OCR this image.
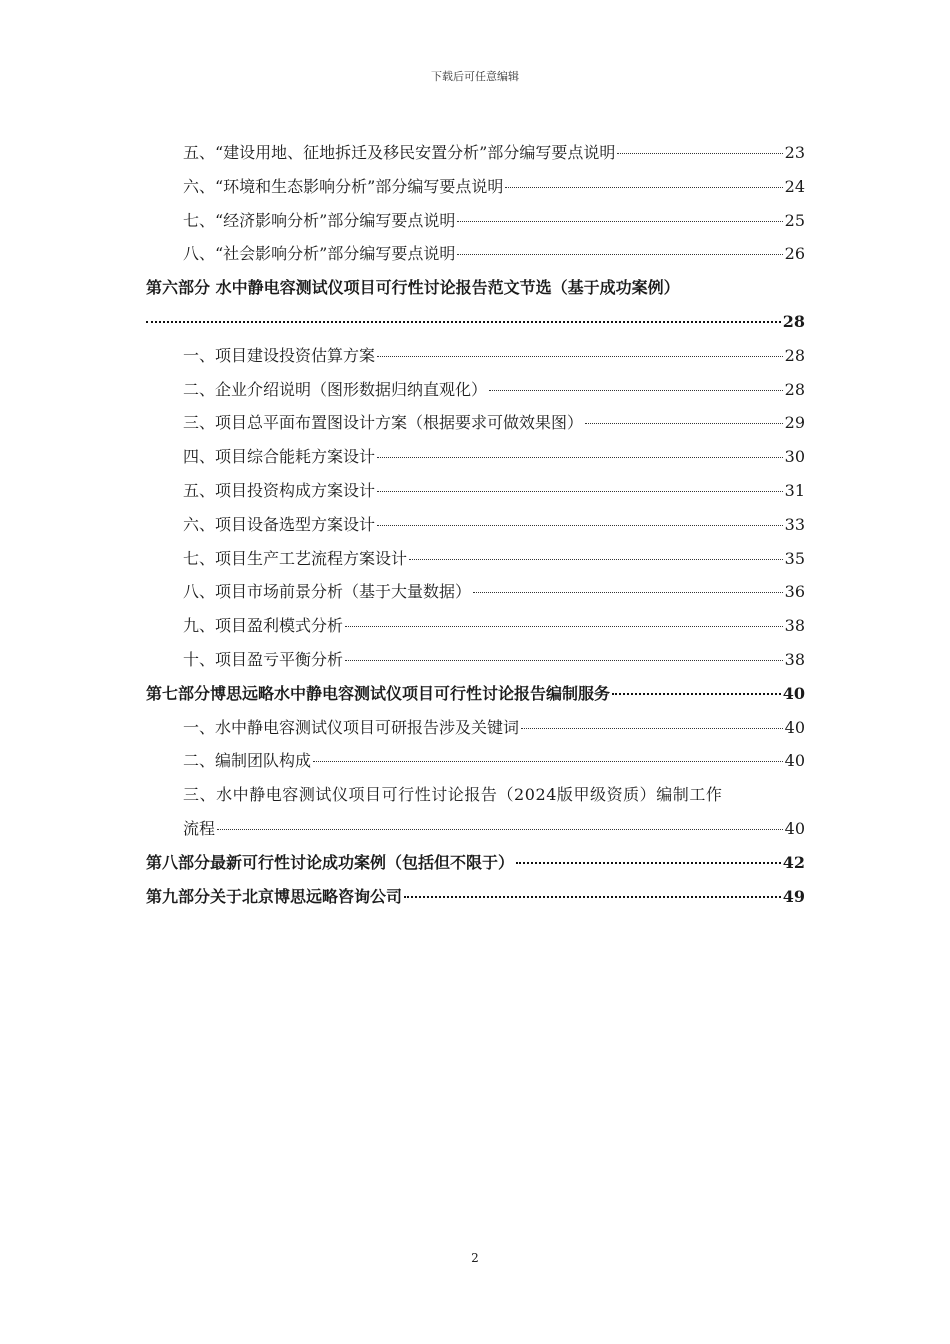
下载后可任意编辑
五、“建设用地、征地拆迁及移民安置分析”部分编写要点说明	23
六、“环境和生态影响分析”部分编写要点说明	24
七、“经济影响分析”部分编写要点说明	25
八、“社会影响分析”部分编写要点说明	26
第六部分 水中静电容测试仪项目可行性讨论报告范文节选（基于成功案例）
28
一、项目建设投资估算方案	28
二、企业介绍说明（图形数据归纳直观化）	28
三、项目总平面布置图设计方案（根据要求可做效果图）	29
四、项目综合能耗方案设计	30
五、项目投资构成方案设计	31
六、项目设备选型方案设计	33
七、项目生产工艺流程方案设计	35
八、项目市场前景分析（基于大量数据）	36
九、项目盈利模式分析	38
十、项目盈亏平衡分析	38
第七部分博思远略水中静电容测试仪项目可行性讨论报告编制服务	40
一、水中静电容测试仪项目可研报告涉及关键词	40
二、编制团队构成	40
三、水中静电容测试仪项目可行性讨论报告（2024版甲级资质）编制工作
流程	40
第八部分最新可行性讨论成功案例（包括但不限于）	42
第九部分关于北京博思远略咨询公司	49
2
